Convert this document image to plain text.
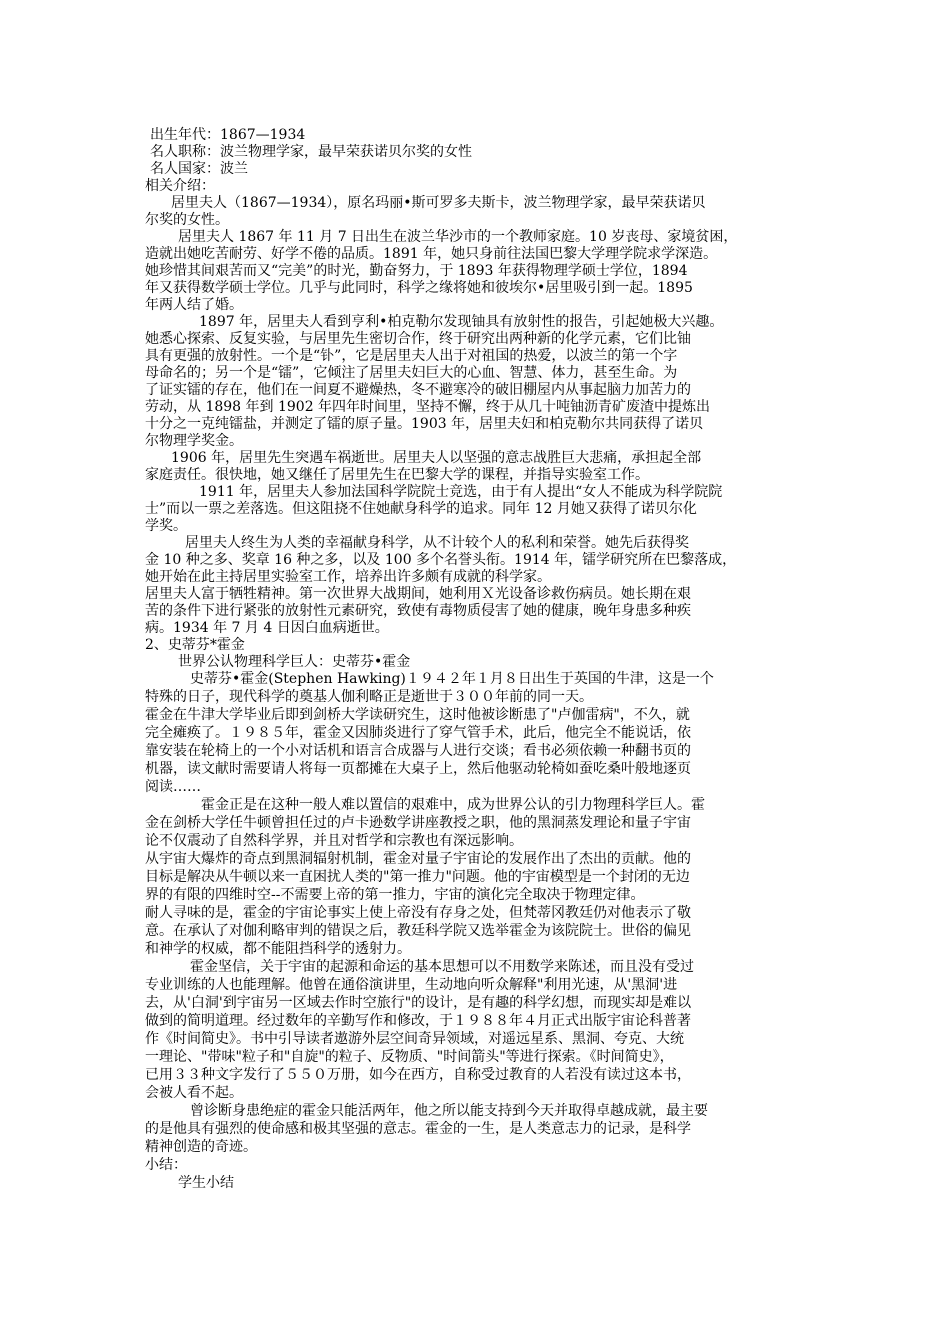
出生年代：1867—1934
名人职称：波兰物理学家，最早荣获诺贝尔奖的女性
名人国家：波兰
相关介绍：
居里夫人（1867—1934），原名玛丽•斯可罗多夫斯卡，波兰物理学家，最早荣获诺贝
尔奖的女性。
居里夫人 1867 年 11 月 7 日出生在波兰华沙市的一个教师家庭。10 岁丧母、家境贫困，
造就出她吃苦耐劳、好学不倦的品质。1891 年，她只身前往法国巴黎大学理学院求学深造。
她珍惜其间艰苦而又“完美”的时光，勤奋努力，于 1893 年获得物理学硕士学位，1894
年又获得数学硕士学位。几乎与此同时，科学之缘将她和彼埃尔•居里吸引到一起。1895
年两人结了婚。
1897 年，居里夫人看到亨利•柏克勒尔发现铀具有放射性的报告，引起她极大兴趣。
她悉心探索、反复实验，与居里先生密切合作，终于研究出两种新的化学元素，它们比铀
具有更强的放射性。一个是“钋”，它是居里夫人出于对祖国的热爱，以波兰的第一个字
母命名的；另一个是“镭”，它倾注了居里夫妇巨大的心血、智慧、体力，甚至生命。为
了证实镭的存在，他们在一间夏不避燥热，冬不避寒冷的破旧棚屋内从事起脑力加苦力的
劳动，从 1898 年到 1902 年四年时间里，坚持不懈，终于从几十吨铀沥青矿废渣中提炼出
十分之一克纯镭盐，并测定了镭的原子量。1903 年，居里夫妇和柏克勒尔共同获得了诺贝
尔物理学奖金。
1906 年，居里先生突遇车祸逝世。居里夫人以坚强的意志战胜巨大悲痛，承担起全部
家庭责任。很快地，她又继任了居里先生在巴黎大学的课程，并指导实验室工作。
1911 年，居里夫人参加法国科学院院士竞选，由于有人提出“女人不能成为科学院院
士”而以一票之差落选。但这阻挠不住她献身科学的追求。同年 12 月她又获得了诺贝尔化
学奖。
居里夫人终生为人类的幸福献身科学，从不计较个人的私利和荣誉。她先后获得奖
金 10 种之多、奖章 16 种之多，以及 100 多个名誉头衔。1914 年，镭学研究所在巴黎落成，
她开始在此主持居里实验室工作，培养出许多颇有成就的科学家。
居里夫人富于牺牲精神。第一次世界大战期间，她利用Ｘ光设备诊救伤病员。她长期在艰
苦的条件下进行紧张的放射性元素研究，致使有毒物质侵害了她的健康，晚年身患多种疾
病。1934 年 7 月 4 日因白血病逝世。
2、史蒂芬*霍金
世界公认物理科学巨人：史蒂芬•霍金
史蒂芬•霍金(Stephen Hawking)１９４２年１月８日出生于英国的牛津，这是一个
特殊的日子，现代科学的奠基人伽利略正是逝世于３００年前的同一天。
霍金在牛津大学毕业后即到剑桥大学读研究生，这时他被诊断患了"卢伽雷病"，不久，就
完全瘫痪了。１９８５年，霍金又因肺炎进行了穿气管手术，此后，他完全不能说话，依
靠安装在轮椅上的一个小对话机和语言合成器与人进行交谈；看书必须依赖一种翻书页的
机器，读文献时需要请人将每一页都摊在大桌子上，然后他驱动轮椅如蚕吃桑叶般地逐页
阅读……
霍金正是在这种一般人难以置信的艰难中，成为世界公认的引力物理科学巨人。霍
金在剑桥大学任牛顿曾担任过的卢卡逊数学讲座教授之职，他的黑洞蒸发理论和量子宇宙
论不仅震动了自然科学界，并且对哲学和宗教也有深远影响。
从宇宙大爆炸的奇点到黑洞辐射机制，霍金对量子宇宙论的发展作出了杰出的贡献。他的
目标是解决从牛顿以来一直困扰人类的"第一推力"问题。他的宇宙模型是一个封闭的无边
界的有限的四维时空--不需要上帝的第一推力，宇宙的演化完全取决于物理定律。
耐人寻味的是，霍金的宇宙论事实上使上帝没有存身之处，但梵蒂冈教廷仍对他表示了敬
意。在承认了对伽利略审判的错误之后，教廷科学院又选举霍金为该院院士。世俗的偏见
和神学的权威，都不能阻挡科学的透射力。
霍金坚信，关于宇宙的起源和命运的基本思想可以不用数学来陈述，而且没有受过
专业训练的人也能理解。他曾在通俗演讲里，生动地向听众解释"利用光速，从'黑洞'进
去，从'白洞'到宇宙另一区域去作时空旅行"的设计，是有趣的科学幻想，而现实却是难以
做到的简明道理。经过数年的辛勤写作和修改，于１９８８年４月正式出版宇宙论科普著
作《时间简史》。书中引导读者遨游外层空间奇异领域，对遥远星系、黑洞、夸克、大统
一理论、"带味"粒子和"自旋"的粒子、反物质、"时间箭头"等进行探索。《时间简史》，
已用３３种文字发行了５５０万册，如今在西方，自称受过教育的人若没有读过这本书，
会被人看不起。
曾诊断身患绝症的霍金只能活两年，他之所以能支持到今天并取得卓越成就，最主要
的是他具有强烈的使命感和极其坚强的意志。霍金的一生，是人类意志力的记录，是科学
精神创造的奇迹。
小结：
学生小结
